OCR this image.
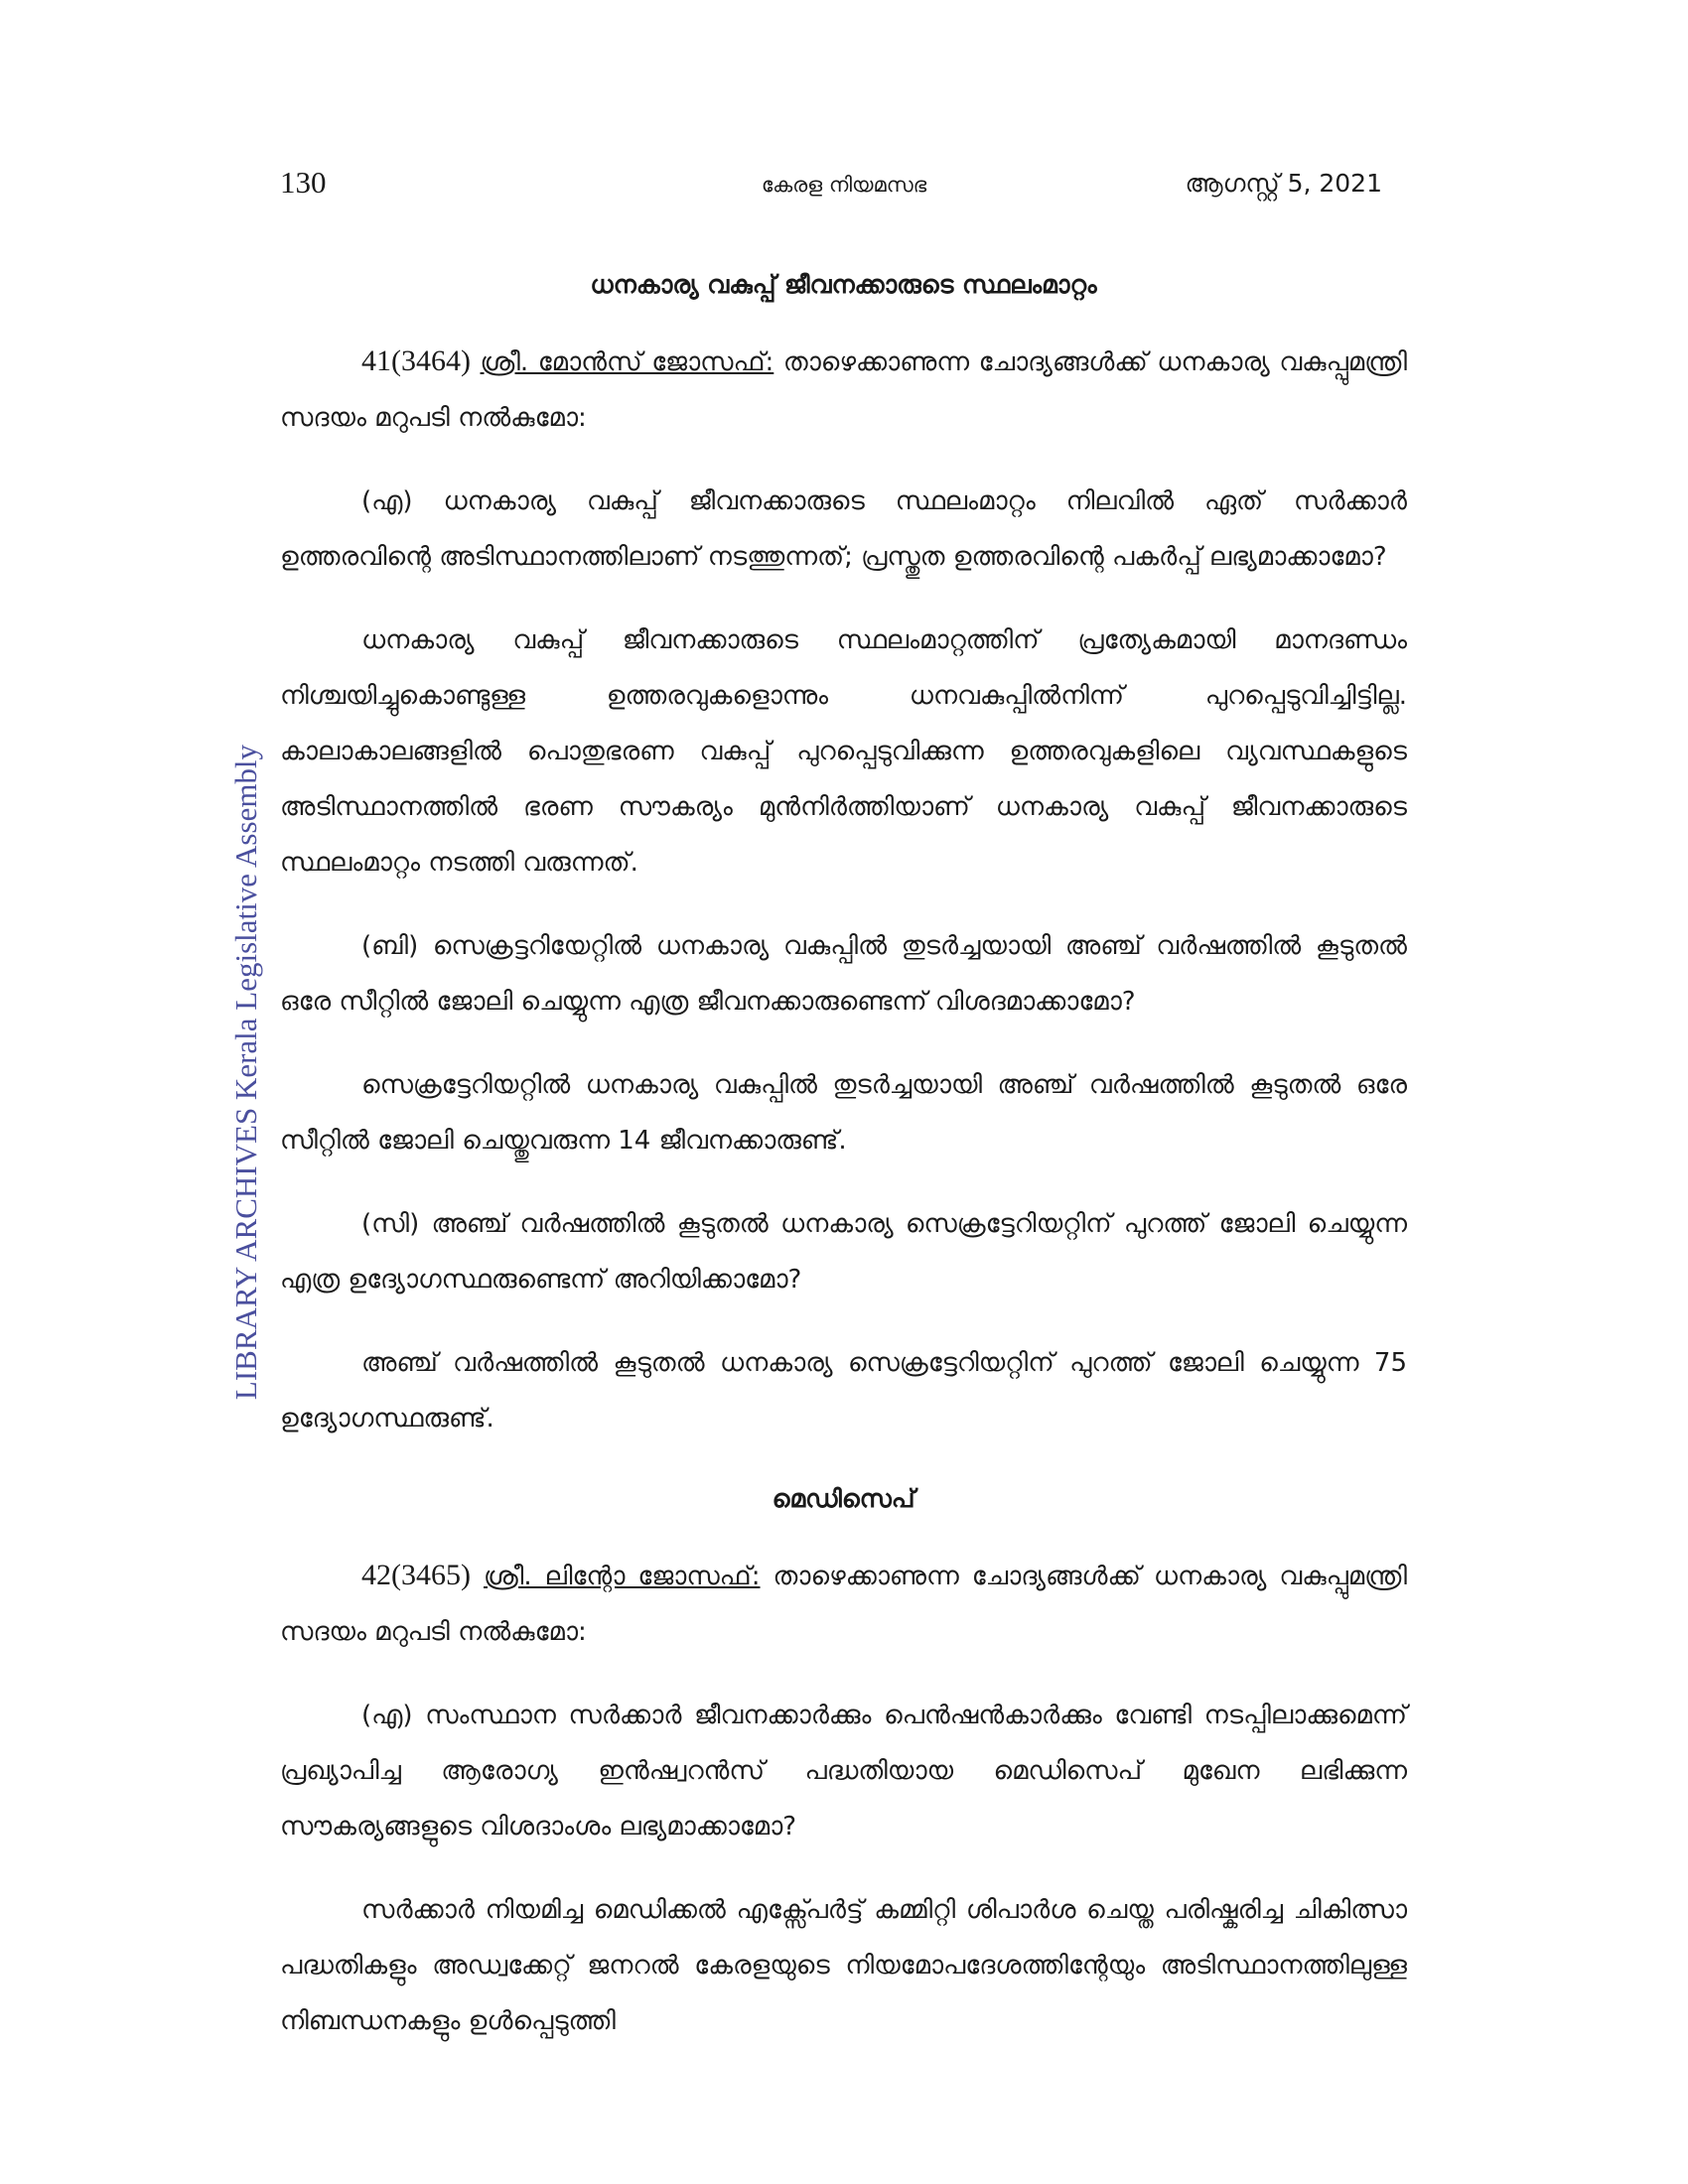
130	കേരള നിയമസഭ	ആഗസ്റ്റ് 5, 2021
LIBRARY ARCHIVES Kerala Legislative Assembly
ധനകാര്യ വകുപ്പ് ജീവനക്കാരുടെ സ്ഥലംമാറ്റം

41(3464) ശ്രീ. മോൻസ് ജോസഫ്: താഴെക്കാണുന്ന ചോദ്യങ്ങൾക്ക് ധനകാര്യ വകുപ്പുമന്ത്രി സദയം മറുപടി നൽകുമോ:

(എ) ധനകാര്യ വകുപ്പ് ജീവനക്കാരുടെ സ്ഥലംമാറ്റം നിലവിൽ ഏത് സർക്കാർ ഉത്തരവിന്റെ അടിസ്ഥാനത്തിലാണ് നടത്തുന്നത്; പ്രസ്തുത ഉത്തരവിന്റെ പകർപ്പ് ലഭ്യമാക്കാമോ?

ധനകാര്യ വകുപ്പ് ജീവനക്കാരുടെ സ്ഥലംമാറ്റത്തിന് പ്രത്യേകമായി മാനദണ്ഡം നിശ്ചയിച്ചുകൊണ്ടുള്ള ഉത്തരവുകളൊന്നും ധനവകുപ്പിൽനിന്ന് പുറപ്പെടുവിച്ചിട്ടില്ല. കാലാകാലങ്ങളിൽ പൊതുഭരണ വകുപ്പ് പുറപ്പെടുവിക്കുന്ന ഉത്തരവുകളിലെ വ്യവസ്ഥകളുടെ അടിസ്ഥാനത്തിൽ ഭരണ സൗകര്യം മുൻനിർത്തിയാണ് ധനകാര്യ വകുപ്പ് ജീവനക്കാരുടെ സ്ഥലംമാറ്റം നടത്തി വരുന്നത്.

(ബി) സെക്രട്ടറിയേറ്റിൽ ധനകാര്യ വകുപ്പിൽ തുടർച്ചയായി അഞ്ച് വർഷത്തിൽ കൂടുതൽ ഒരേ സീറ്റിൽ ജോലി ചെയ്യുന്ന എത്ര ജീവനക്കാരുണ്ടെന്ന് വിശദമാക്കാമോ?

സെക്രട്ടേറിയറ്റിൽ ധനകാര്യ വകുപ്പിൽ തുടർച്ചയായി അഞ്ച് വർഷത്തിൽ കൂടുതൽ ഒരേ സീറ്റിൽ ജോലി ചെയ്തുവരുന്ന 14 ജീവനക്കാരുണ്ട്.

(സി) അഞ്ച് വർഷത്തിൽ കൂടുതൽ ധനകാര്യ സെക്രട്ടേറിയറ്റിന് പുറത്ത് ജോലി ചെയ്യുന്ന എത്ര ഉദ്യോഗസ്ഥരുണ്ടെന്ന് അറിയിക്കാമോ?

അഞ്ച് വർഷത്തിൽ കൂടുതൽ ധനകാര്യ സെക്രട്ടേറിയറ്റിന് പുറത്ത് ജോലി ചെയ്യുന്ന 75 ഉദ്യോഗസ്ഥരുണ്ട്.

മെഡിസെപ്

42(3465) ശ്രീ. ലിന്റോ ജോസഫ്: താഴെക്കാണുന്ന ചോദ്യങ്ങൾക്ക് ധനകാര്യ വകുപ്പുമന്ത്രി സദയം മറുപടി നൽകുമോ:

(എ) സംസ്ഥാന സർക്കാർ ജീവനക്കാർക്കും പെൻഷൻകാർക്കും വേണ്ടി നടപ്പിലാക്കുമെന്ന് പ്രഖ്യാപിച്ച ആരോഗ്യ ഇൻഷ്വറൻസ് പദ്ധതിയായ മെഡിസെപ് മുഖേന ലഭിക്കുന്ന സൗകര്യങ്ങളുടെ വിശദാംശം ലഭ്യമാക്കാമോ?

സർക്കാർ നിയമിച്ച മെഡിക്കൽ എക്സ്പേർട്ട് കമ്മിറ്റി ശിപാർശ ചെയ്ത പരിഷ്കരിച്ച ചികിത്സാ പദ്ധതികളും അഡ്വക്കേറ്റ് ജനറൽ കേരളയുടെ നിയമോപദേശത്തിന്റേയും അടിസ്ഥാനത്തിലുള്ള നിബന്ധനകളും ഉൾപ്പെടുത്തി
